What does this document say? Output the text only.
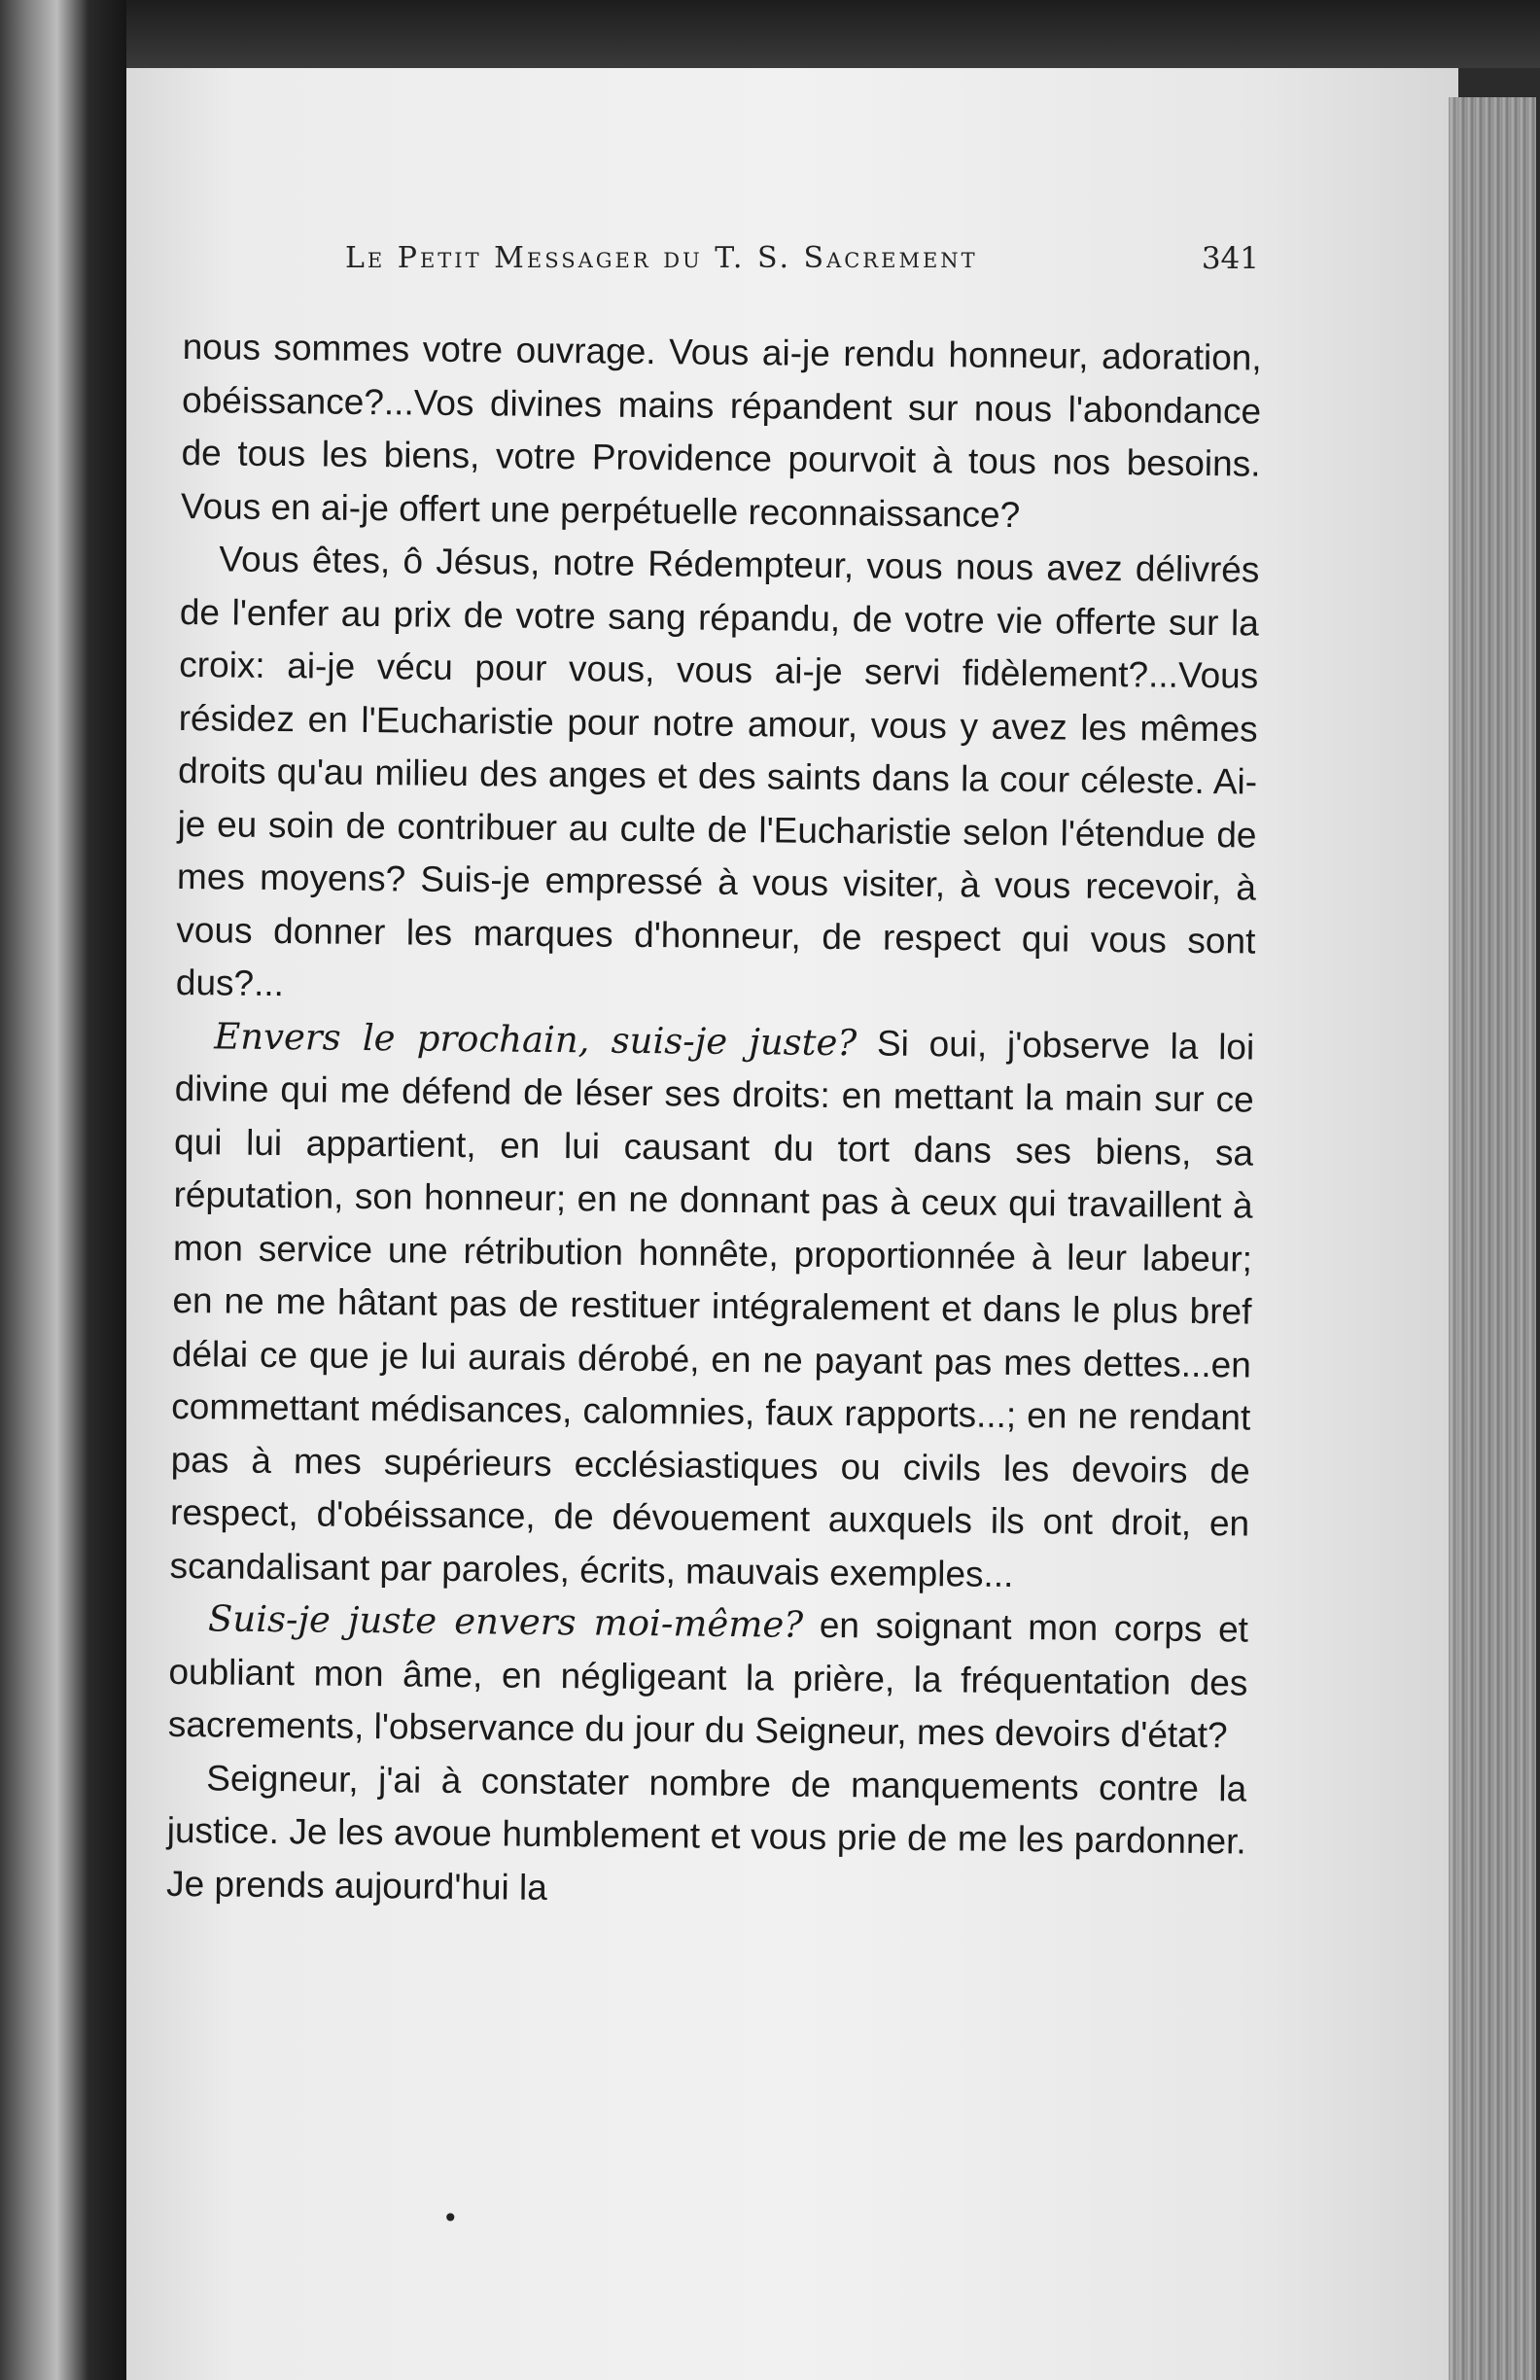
Le Petit Messager du T. S. Sacrement	341

nous sommes votre ouvrage. Vous ai-je rendu honneur, adoration, obéissance?...Vos divines mains répandent sur nous l'abondance de tous les biens, votre Providence pourvoit à tous nos besoins. Vous en ai-je offert une perpétuelle reconnaissance?

Vous êtes, ô Jésus, notre Rédempteur, vous nous avez délivrés de l'enfer au prix de votre sang répandu, de votre vie offerte sur la croix: ai-je vécu pour vous, vous ai-je servi fidèlement?...Vous résidez en l'Eucharistie pour notre amour, vous y avez les mêmes droits qu'au milieu des anges et des saints dans la cour céleste. Ai-je eu soin de contribuer au culte de l'Eucharistie selon l'étendue de mes moyens? Suis-je empressé à vous visiter, à vous recevoir, à vous donner les marques d'honneur, de respect qui vous sont dus?...

Envers le prochain, suis-je juste? Si oui, j'observe la loi divine qui me défend de léser ses droits: en mettant la main sur ce qui lui appartient, en lui causant du tort dans ses biens, sa réputation, son honneur; en ne donnant pas à ceux qui travaillent à mon service une rétribution honnête, proportionnée à leur labeur; en ne me hâtant pas de restituer intégralement et dans le plus bref délai ce que je lui aurais dérobé, en ne payant pas mes dettes...en commettant médisances, calomnies, faux rapports...; en ne rendant pas à mes supérieurs ecclésiastiques ou civils les devoirs de respect, d'obéissance, de dévouement auxquels ils ont droit, en scandalisant par paroles, écrits, mauvais exemples...

Suis-je juste envers moi-même? en soignant mon corps et oubliant mon âme, en négligeant la prière, la fréquentation des sacrements, l'observance du jour du Seigneur, mes devoirs d'état?

Seigneur, j'ai à constater nombre de manquements contre la justice. Je les avoue humblement et vous prie de me les pardonner. Je prends aujourd'hui la

•
